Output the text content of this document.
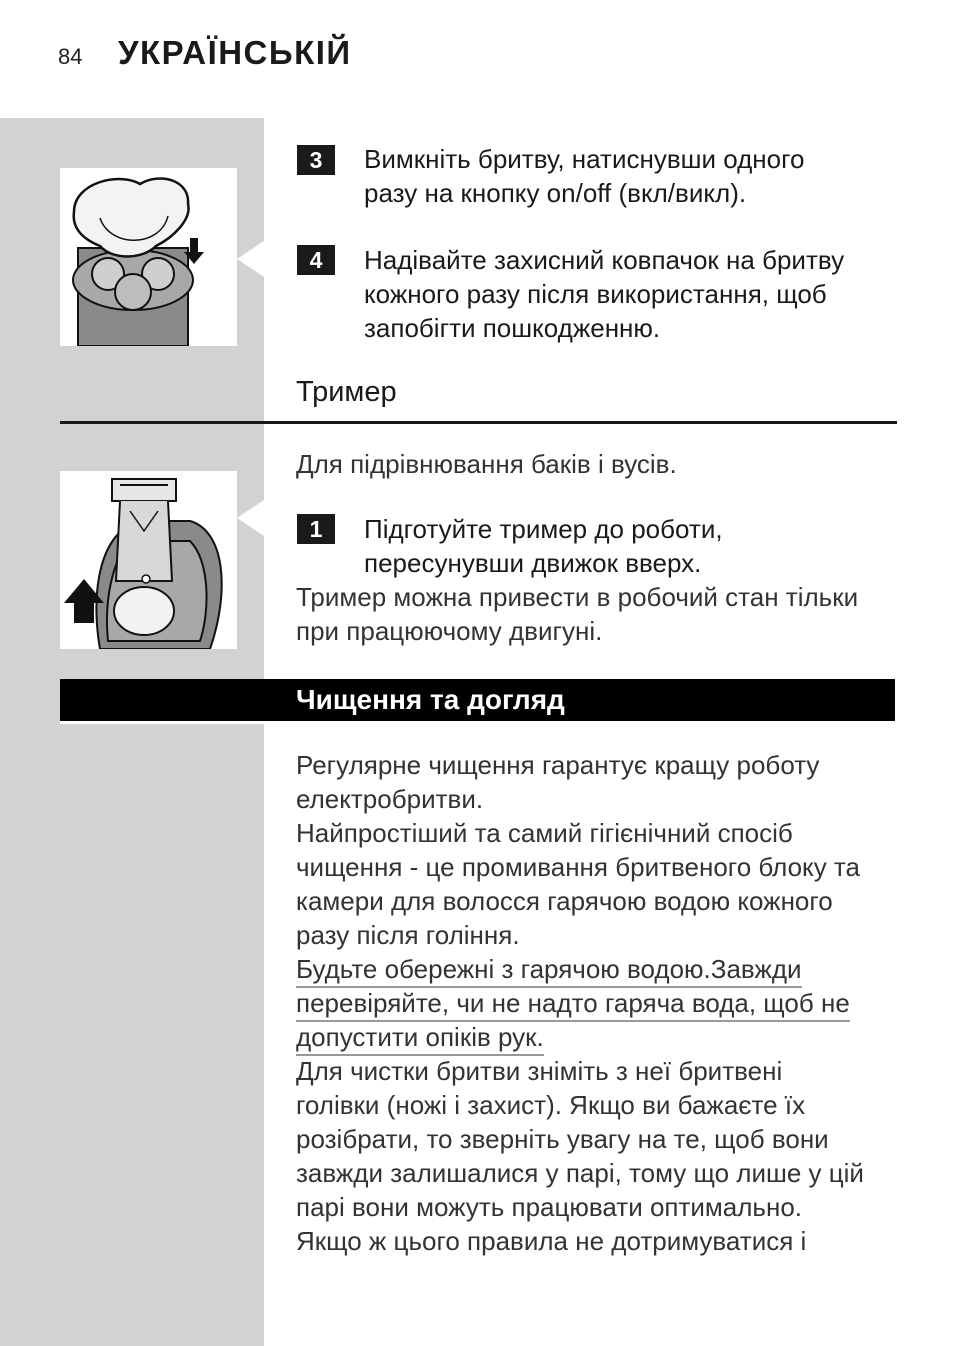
84 УКРАЇНСЬКІЙ
3	Вимкніть бритву, натиснувши одного
разу на кнопку on/off (вкл/викл).
4	Надівайте захисний ковпачок на бритву
кожного разу після використання, щоб
запобігти пошкодженню.
Тример
Для підрівнювання баків і вусів.
1	Підготуйте тример до роботи,
пересунувши движок вверх.
Тример можна привести в робочий стан тільки
при працюючому двигуні.
Чищення та догляд
Регулярне чищення гарантує кращу роботу
електробритви.
Найпростіший та самий гігієнічний спосіб
чищення - це промивання бритвеного блоку та
камери для волосся гарячою водою кожного
разу після гоління.
Будьте обережні з гарячою водою.Завжди
перевіряйте, чи не надто гаряча вода, щоб не
допустити опіків рук.
Для чистки бритви зніміть з неї бритвені
голівки (ножі і захист). Якщо ви бажаєте їх
розібрати, то зверніть увагу на те, щоб вони
завжди залишалися у парі, тому що лише у цій
парі вони можуть працювати оптимально.
Якщо ж цього правила не дотримуватися і
